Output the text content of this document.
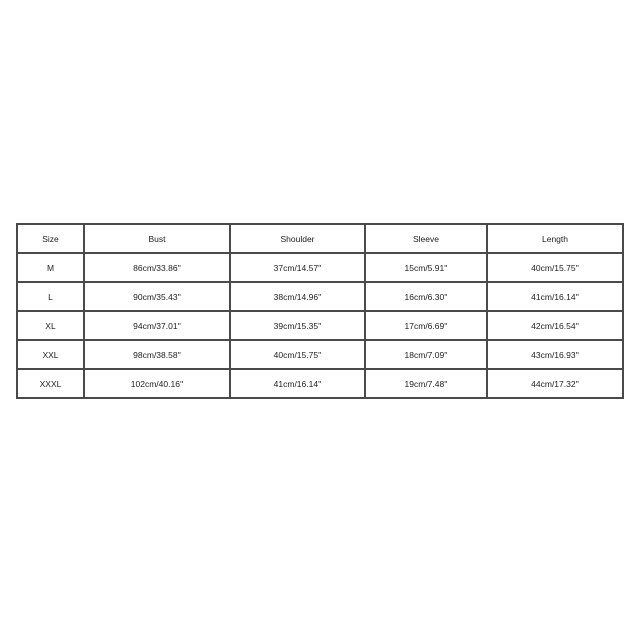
Size	Bust	Shoulder	Sleeve	Length
M	86cm/33.86''	37cm/14.57''	15cm/5.91''	40cm/15.75''
L	90cm/35.43''	38cm/14.96''	16cm/6.30''	41cm/16.14''
XL	94cm/37.01''	39cm/15.35''	17cm/6.69''	42cm/16.54''
XXL	98cm/38.58''	40cm/15.75''	18cm/7.09''	43cm/16.93''
XXXL	102cm/40.16''	41cm/16.14''	19cm/7.48''	44cm/17.32''
